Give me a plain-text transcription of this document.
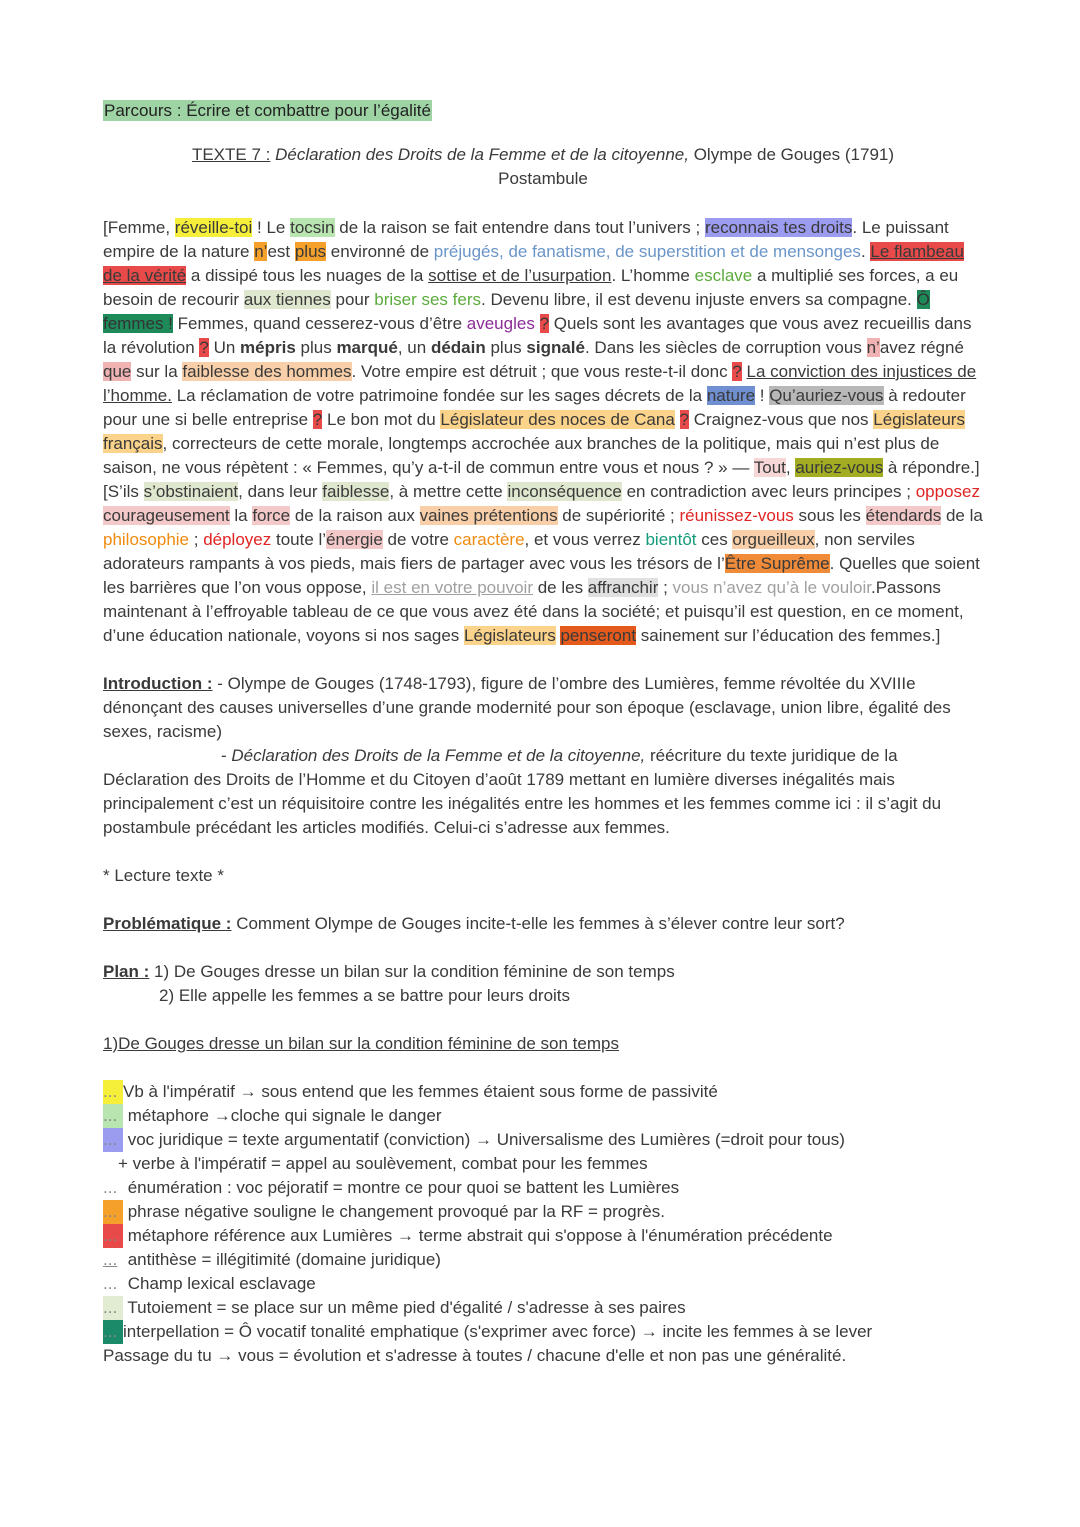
Parcours : Écrire et combattre pour l’égalité
TEXTE 7 : Déclaration des Droits de la Femme et de la citoyenne, Olympe de Gouges (1791)
Postambule

[Femme, réveille-toi ! Le tocsin de la raison se fait entendre dans tout l’univers ; reconnais tes droits. Le puissant empire de la nature n’est plus environné de préjugés, de fanatisme, de superstition et de mensonges. Le flambeau de la vérité a dissipé tous les nuages de la sottise et de l’usurpation. L’homme esclave a multiplié ses forces, a eu besoin de recourir aux tiennes pour briser ses fers. Devenu libre, il est devenu injuste envers sa compagne. Ô femmes ! Femmes, quand cesserez-vous d’être aveugles ? Quels sont les avantages que vous avez recueillis dans la révolution ? Un mépris plus marqué, un dédain plus signalé. Dans les siècles de corruption vous n’avez régné que sur la faiblesse des hommes. Votre empire est détruit ; que vous reste-t-il donc ? La conviction des injustices de l’homme. La réclamation de votre patrimoine fondée sur les sages décrets de la nature ! Qu’auriez-vous à redouter pour une si belle entreprise ? Le bon mot du Législateur des noces de Cana ? Craignez-vous que nos Législateurs français, correcteurs de cette morale, longtemps accrochée aux branches de la politique, mais qui n’est plus de saison, ne vous répètent : « Femmes, qu’y a-t-il de commun entre vous et nous ? » — Tout, auriez-vous à répondre.] [S’ils s’obstinaient, dans leur faiblesse, à mettre cette inconséquence en contradiction avec leurs principes ; opposez courageusement la force de la raison aux vaines prétentions de supériorité ; réunissez-vous sous les étendards de la philosophie ; déployez toute l’énergie de votre caractère, et vous verrez bientôt ces orgueilleux, non serviles adorateurs rampants à vos pieds, mais fiers de partager avec vous les trésors de l’Être Suprême. Quelles que soient les barrières que l’on vous oppose, il est en votre pouvoir de les affranchir ; vous n’avez qu’à le vouloir.Passons maintenant à l’effroyable tableau de ce que vous avez été dans la société; et puisqu’il est question, en ce moment, d’une éducation nationale, voyons si nos sages Législateurs penseront sainement sur l’éducation des femmes.]

Introduction : - Olympe de Gouges (1748-1793), figure de l’ombre des Lumières, femme révoltée du XVIIIe dénonçant des causes universelles d’une grande modernité pour son époque (esclavage, union libre, égalité des sexes, racisme)

- Déclaration des Droits de la Femme et de la citoyenne, réécriture du texte juridique de la Déclaration des Droits de l’Homme et du Citoyen d’août 1789 mettant en lumière diverses inégalités mais principalement c’est un réquisitoire contre les inégalités entre les hommes et les femmes comme ici : il s’agit du postambule précédant les articles modifiés. Celui-ci s’adresse aux femmes.

* Lecture texte *

Problématique : Comment Olympe de Gouges incite-t-elle les femmes à s’élever contre leur sort?

Plan : 1) De Gouges dresse un bilan sur la condition féminine de son temps

2) Elle appelle les femmes a se battre pour leurs droits

1)De Gouges dresse un bilan sur la condition féminine de son temps

... Vb à l'impératif → sous entend que les femmes étaient sous forme de passivité
... métaphore →cloche qui signale le danger
... voc juridique = texte argumentatif (conviction) → Universalisme des Lumières (=droit pour tous)
+ verbe à l'impératif = appel au soulèvement, combat pour les femmes
... énumération : voc péjoratif = montre ce pour quoi se battent les Lumières
... phrase négative souligne le changement provoqué par la RF = progrès.
... métaphore référence aux Lumières → terme abstrait qui s'oppose à l'énumération précédente
... antithèse = illégitimité (domaine juridique)
... Champ lexical esclavage
... Tutoiement = se place sur un même pied d'égalité / s'adresse à ses paires
... interpellation = Ô vocatif tonalité emphatique (s'exprimer avec force) → incite les femmes à se lever

Passage du tu → vous = évolution et s'adresse à toutes / chacune d'elle et non pas une généralité.
